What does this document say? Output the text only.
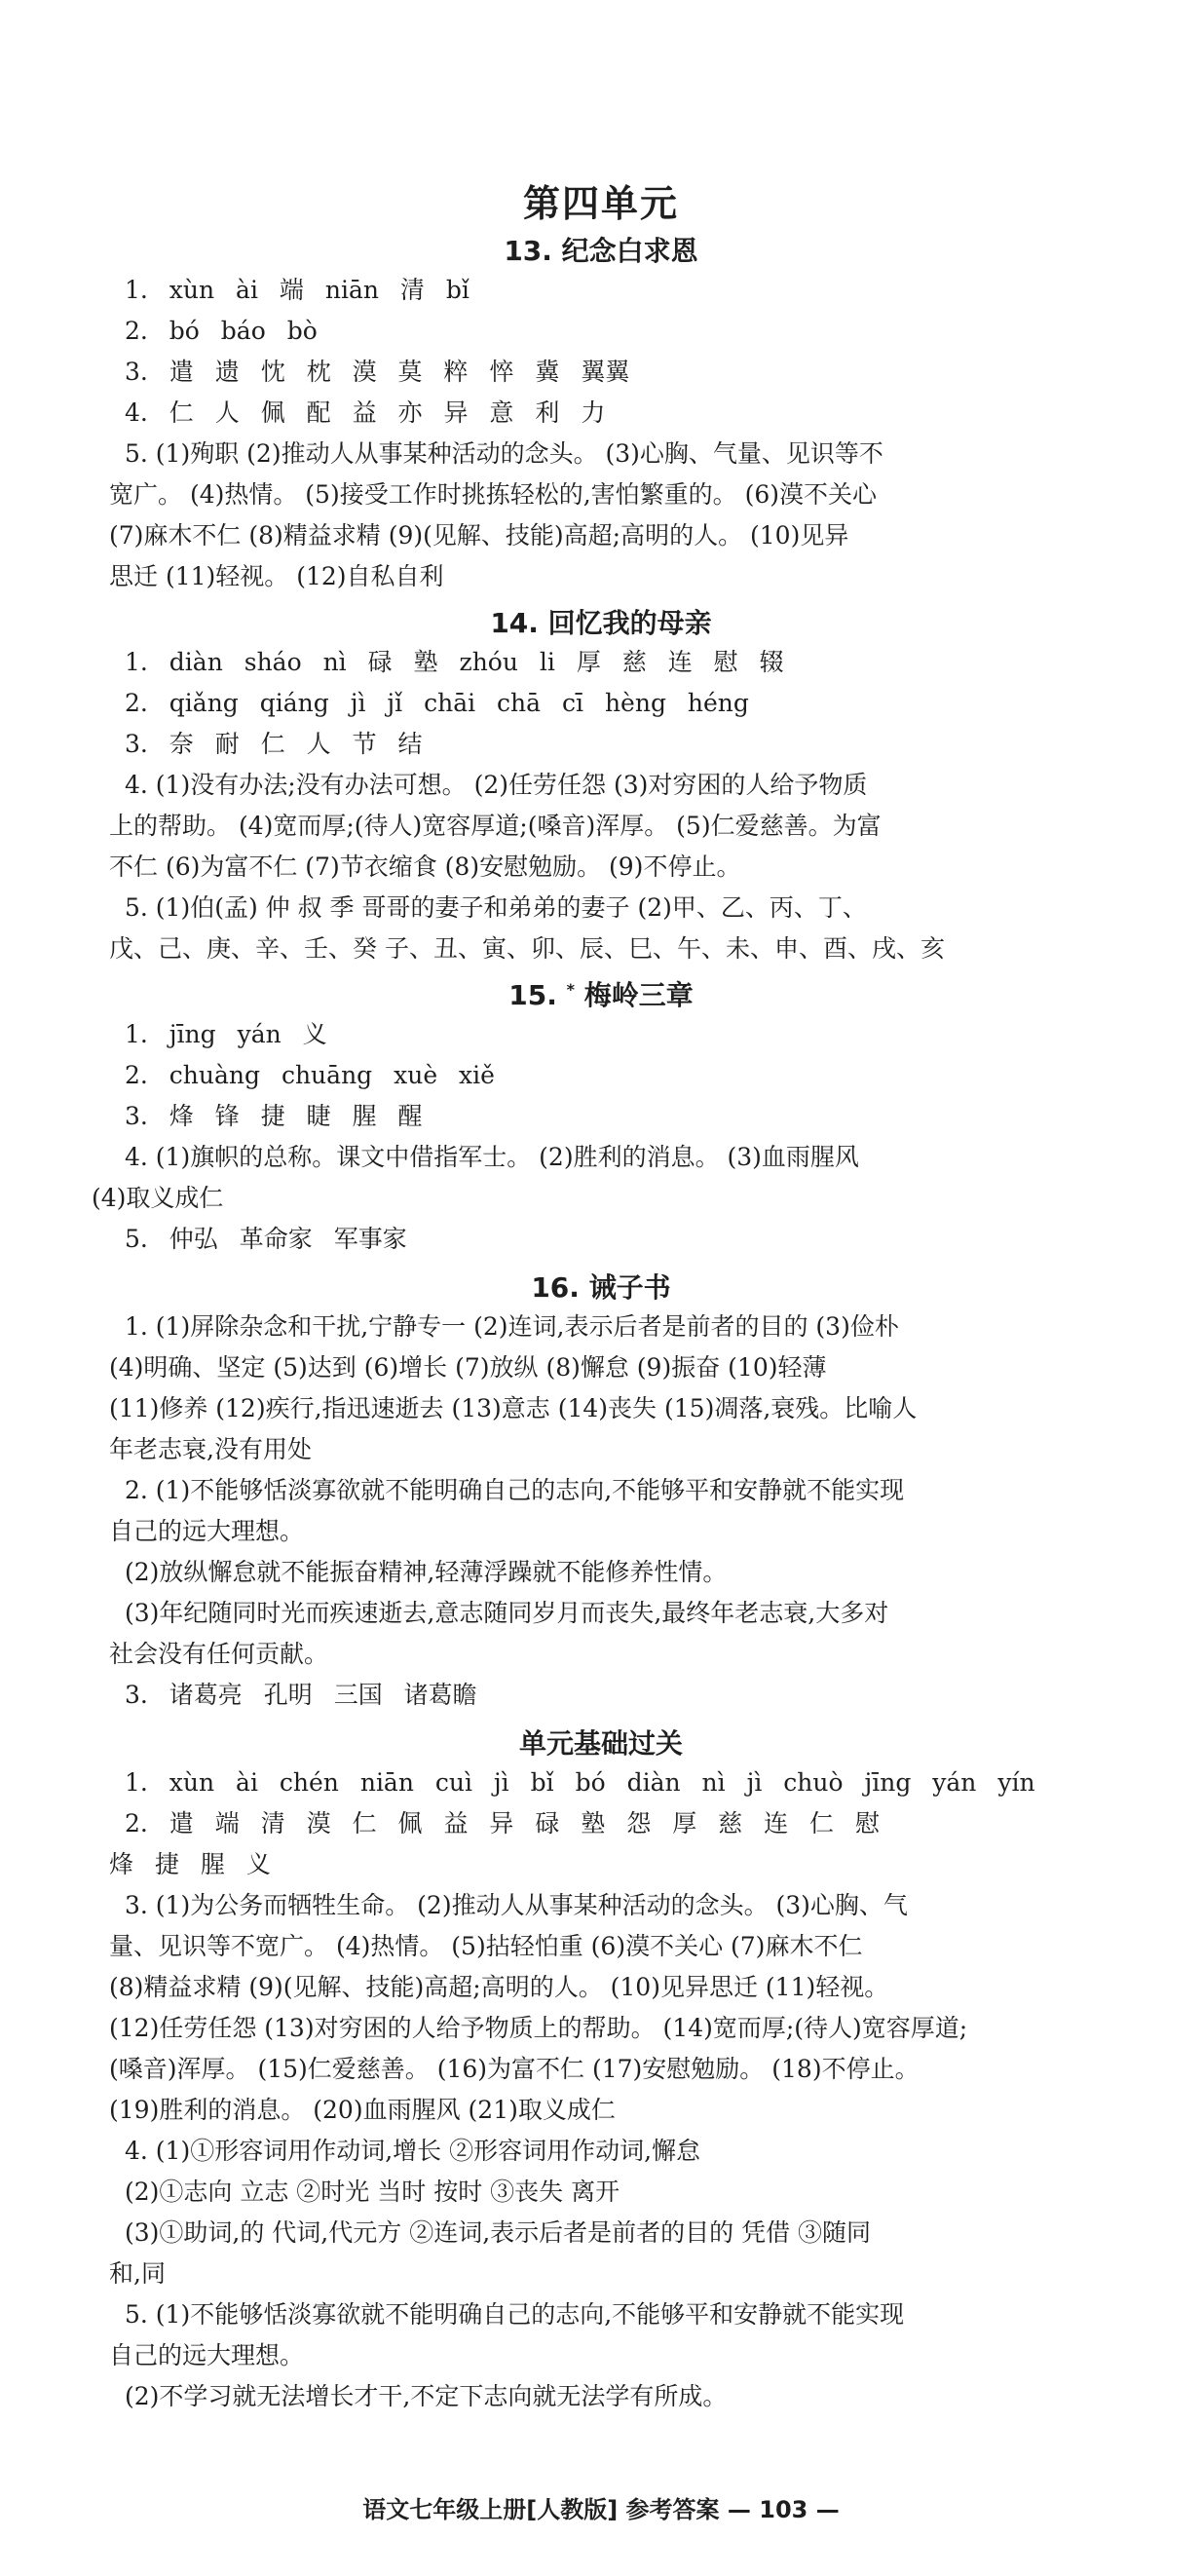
第四单元
13. 纪念白求恩
1. xùn ài 端 niān 清 bǐ
2. bó báo bò
3. 遣 遗 忱 枕 漠 莫 粹 悴 冀 翼翼
4. 仁 人 佩 配 益 亦 异 意 利 力
5. (1)殉职 (2)推动人从事某种活动的念头。 (3)心胸、气量、见识等不
宽广。 (4)热情。 (5)接受工作时挑拣轻松的,害怕繁重的。 (6)漠不关心
(7)麻木不仁 (8)精益求精 (9)(见解、技能)高超;高明的人。 (10)见异
思迁 (11)轻视。 (12)自私自利
14. 回忆我的母亲
1. diàn sháo nì 碌 塾 zhóu li 厚 慈 连 慰 辍
2. qiǎng qiáng jì jǐ chāi chā cī hèng héng
3. 奈 耐 仁 人 节 结
4. (1)没有办法;没有办法可想。 (2)任劳任怨 (3)对穷困的人给予物质
上的帮助。 (4)宽而厚;(待人)宽容厚道;(嗓音)浑厚。 (5)仁爱慈善。为富
不仁 (6)为富不仁 (7)节衣缩食 (8)安慰勉励。 (9)不停止。
5. (1)伯(孟) 仲 叔 季 哥哥的妻子和弟弟的妻子 (2)甲、乙、丙、丁、
戊、己、庚、辛、壬、癸 子、丑、寅、卯、辰、巳、午、未、申、酉、戌、亥
15. * 梅岭三章
1. jīng yán 义
2. chuàng chuāng xuè xiě
3. 烽 锋 捷 睫 腥 醒
4. (1)旗帜的总称。课文中借指军士。 (2)胜利的消息。 (3)血雨腥风
(4)取义成仁
5. 仲弘 革命家 军事家
16. 诫子书
1. (1)屏除杂念和干扰,宁静专一 (2)连词,表示后者是前者的目的 (3)俭朴
(4)明确、坚定 (5)达到 (6)增长 (7)放纵 (8)懈怠 (9)振奋 (10)轻薄
(11)修养 (12)疾行,指迅速逝去 (13)意志 (14)丧失 (15)凋落,衰残。比喻人
年老志衰,没有用处
2. (1)不能够恬淡寡欲就不能明确自己的志向,不能够平和安静就不能实现
自己的远大理想。
(2)放纵懈怠就不能振奋精神,轻薄浮躁就不能修养性情。
(3)年纪随同时光而疾速逝去,意志随同岁月而丧失,最终年老志衰,大多对
社会没有任何贡献。
3. 诸葛亮 孔明 三国 诸葛瞻
单元基础过关
1. xùn ài chén niān cuì jì bǐ bó diàn nì jì chuò jīng yán yín
2. 遣 端 清 漠 仁 佩 益 异 碌 塾 怨 厚 慈 连 仁 慰
烽 捷 腥 义
3. (1)为公务而牺牲生命。 (2)推动人从事某种活动的念头。 (3)心胸、气
量、见识等不宽广。 (4)热情。 (5)拈轻怕重 (6)漠不关心 (7)麻木不仁
(8)精益求精 (9)(见解、技能)高超;高明的人。 (10)见异思迁 (11)轻视。
(12)任劳任怨 (13)对穷困的人给予物质上的帮助。 (14)宽而厚;(待人)宽容厚道;
(嗓音)浑厚。 (15)仁爱慈善。 (16)为富不仁 (17)安慰勉励。 (18)不停止。
(19)胜利的消息。 (20)血雨腥风 (21)取义成仁
4. (1)①形容词用作动词,增长 ②形容词用作动词,懈怠
(2)①志向 立志 ②时光 当时 按时 ③丧失 离开
(3)①助词,的 代词,代元方 ②连词,表示后者是前者的目的 凭借 ③随同
和,同
5. (1)不能够恬淡寡欲就不能明确自己的志向,不能够平和安静就不能实现
自己的远大理想。
(2)不学习就无法增长才干,不定下志向就无法学有所成。
语文七年级上册[人教版] 参考答案 — 103 —
